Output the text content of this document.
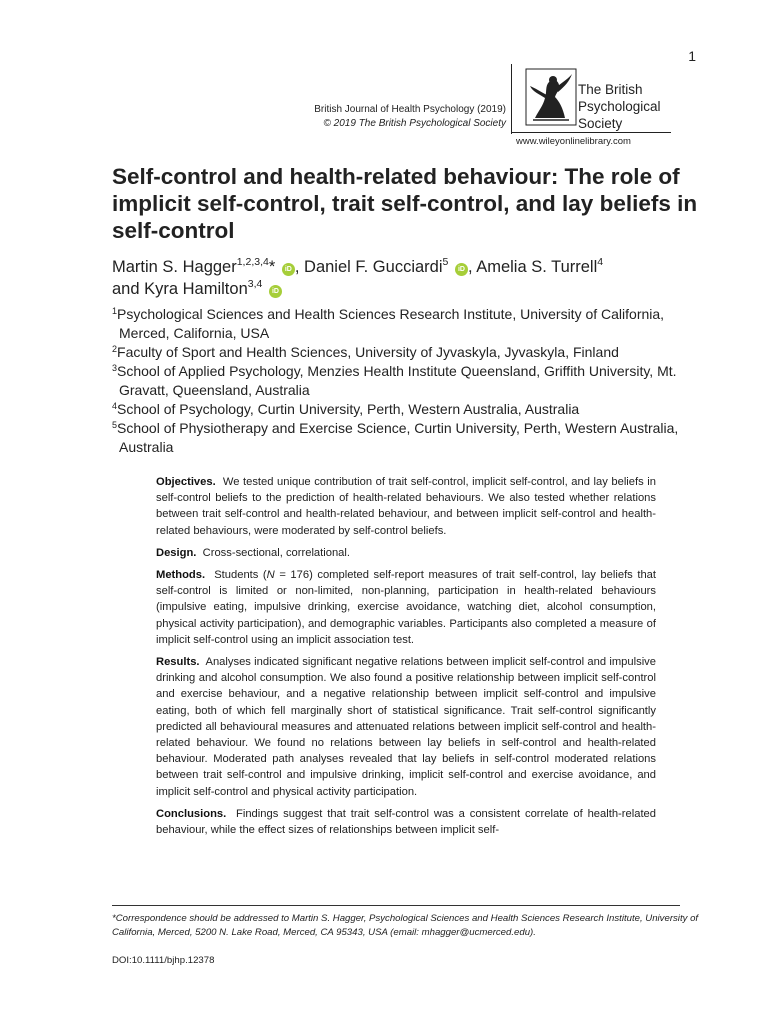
1
British Journal of Health Psychology (2019)
© 2019 The British Psychological Society
The British
Psychological Society
www.wileyonlinelibrary.com
Self-control and health-related behaviour: The role of implicit self-control, trait self-control, and lay beliefs in self-control
Martin S. Hagger$^{1,2,3,4}$* iD , Daniel F. Gucciardi$^5$ iD , Amelia S. Turrell$^4$
and Kyra Hamilton$^{3,4}$ iD
$^1$Psychological Sciences and Health Sciences Research Institute, University of California, Merced, California, USA
$^2$Faculty of Sport and Health Sciences, University of Jyvaskyla, Jyvaskyla, Finland
$^3$School of Applied Psychology, Menzies Health Institute Queensland, Griffith University, Mt. Gravatt, Queensland, Australia
$^4$School of Psychology, Curtin University, Perth, Western Australia, Australia
$^5$School of Physiotherapy and Exercise Science, Curtin University, Perth, Western Australia, Australia

Objectives. We tested unique contribution of trait self-control, implicit self-control, and lay beliefs in self-control beliefs to the prediction of health-related behaviours. We also tested whether relations between trait self-control and health-related behaviour, and between implicit self-control and health-related behaviours, were moderated by self-control beliefs.

Design. Cross-sectional, correlational.

Methods. Students (N = 176) completed self-report measures of trait self-control, lay beliefs that self-control is limited or non-limited, non-planning, participation in health-related behaviours (impulsive eating, impulsive drinking, exercise avoidance, watching diet, alcohol consumption, physical activity participation), and demographic variables. Participants also completed a measure of implicit self-control using an implicit association test.

Results. Analyses indicated significant negative relations between implicit self-control and impulsive drinking and alcohol consumption. We also found a positive relationship between implicit self-control and exercise behaviour, and a negative relationship between implicit self-control and impulsive eating, both of which fell marginally short of statistical significance. Trait self-control significantly predicted all behavioural measures and attenuated relations between implicit self-control and health-related behaviour. We found no relations between lay beliefs in self-control and health-related behaviour. Moderated path analyses revealed that lay beliefs in self-control moderated relations between trait self-control and impulsive drinking, implicit self-control and exercise avoidance, and implicit self-control and physical activity participation.

Conclusions. Findings suggest that trait self-control was a consistent correlate of health-related behaviour, while the effect sizes of relationships between implicit self-

*Correspondence should be addressed to Martin S. Hagger, Psychological Sciences and Health Sciences Research Institute, University of California, Merced, 5200 N. Lake Road, Merced, CA 95343, USA (email: mhagger@ucmerced.edu).
DOI:10.1111/bjhp.12378
